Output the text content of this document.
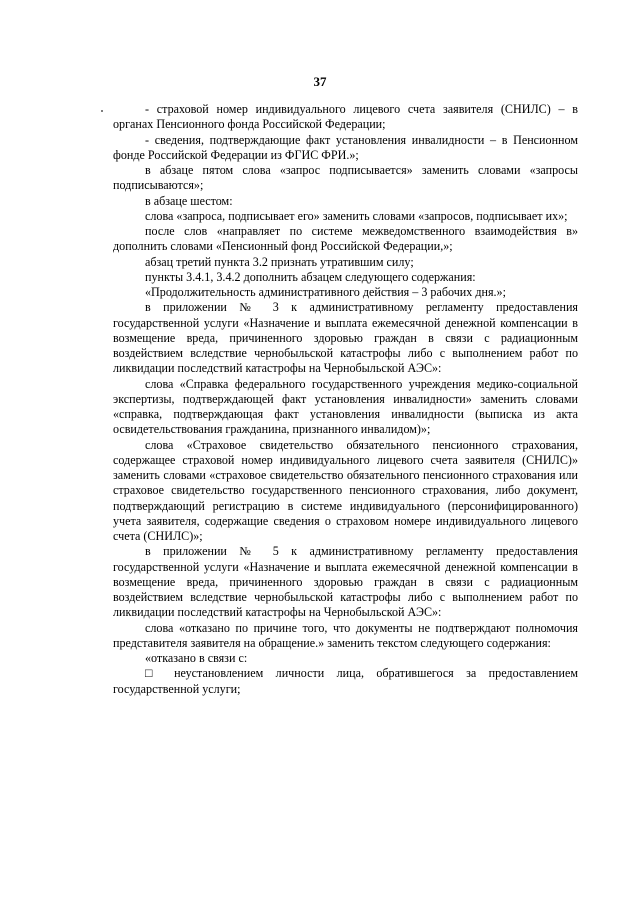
37

- страховой номер индивидуального лицевого счета заявителя (СНИЛС) – в органах Пенсионного фонда Российской Федерации;

- сведения, подтверждающие факт установления инвалидности – в Пенсионном фонде Российской Федерации из ФГИС ФРИ.»;

в абзаце пятом слова «запрос подписывается» заменить словами «запросы подписываются»;

в абзаце шестом:

слова «запроса, подписывает его» заменить словами «запросов, подписывает их»;

после слов «направляет по системе межведомственного взаимодействия в» дополнить словами «Пенсионный фонд Российской Федерации,»;

абзац третий пункта 3.2 признать утратившим силу;

пункты 3.4.1, 3.4.2 дополнить абзацем следующего содержания:

«Продолжительность административного действия – 3 рабочих дня.»;

в приложении № 3 к административному регламенту предоставления государственной услуги «Назначение и выплата ежемесячной денежной компенсации в возмещение вреда, причиненного здоровью граждан в связи с радиационным воздействием вследствие чернобыльской катастрофы либо с выполнением работ по ликвидации последствий катастрофы на Чернобыльской АЭС»:

слова «Справка федерального государственного учреждения медико-социальной экспертизы, подтверждающей факт установления инвалидности» заменить словами «справка, подтверждающая факт установления инвалидности (выписка из акта освидетельствования гражданина, признанного инвалидом)»;

слова «Страховое свидетельство обязательного пенсионного страхования, содержащее страховой номер индивидуального лицевого счета заявителя (СНИЛС)» заменить словами «страховое свидетельство обязательного пенсионного страхования или страховое свидетельство государственного пенсионного страхования, либо документ, подтверждающий регистрацию в системе индивидуального (персонифицированного) учета заявителя, содержащие сведения о страховом номере индивидуального лицевого счета (СНИЛС)»;

в приложении № 5 к административному регламенту предоставления государственной услуги «Назначение и выплата ежемесячной денежной компенсации в возмещение вреда, причиненного здоровью граждан в связи с радиационным воздействием вследствие чернобыльской катастрофы либо с выполнением работ по ликвидации последствий катастрофы на Чернобыльской АЭС»:

слова «отказано по причине того, что документы не подтверждают полномочия представителя заявителя на обращение.» заменить текстом следующего содержания:

«отказано в связи с:

□ неустановлением личности лица, обратившегося за предоставлением государственной услуги;
